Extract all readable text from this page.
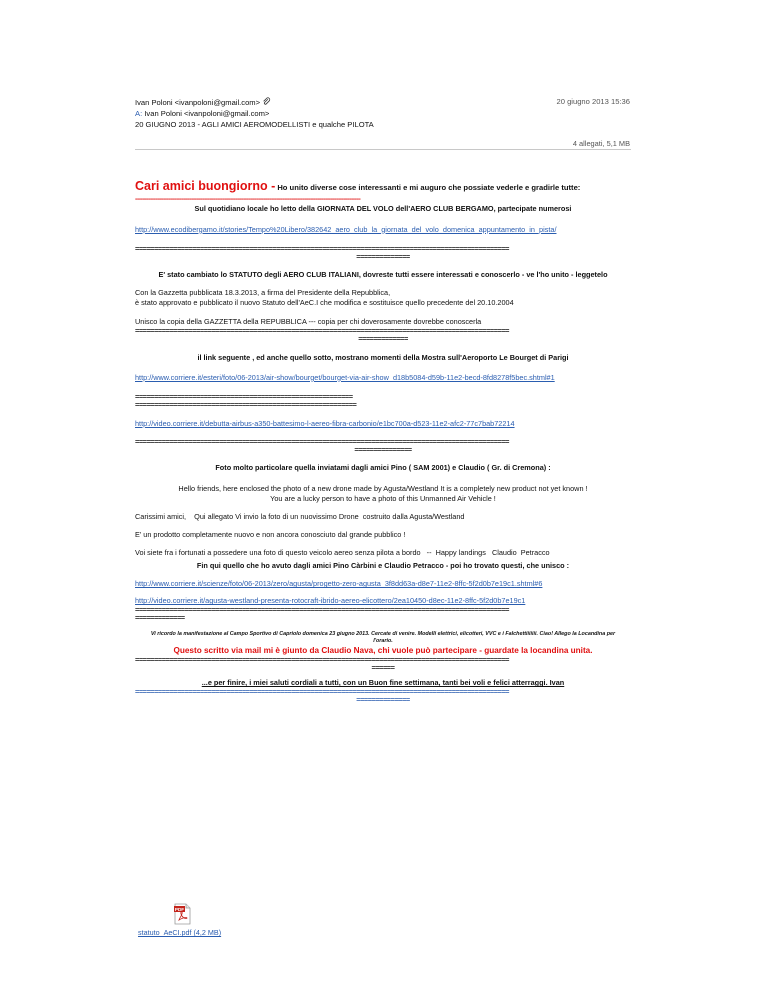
Ivan Poloni <ivanpoloni@gmail.com>
A: Ivan Poloni <ivanpoloni@gmail.com>
20 GIUGNO 2013 - AGLI AMICI AEROMODELLISTI e qualche PILOTA
20 giugno 2013 15:36
4 allegati, 5,1 MB

Cari amici buongiorno - Ho unito diverse cose interessanti e mi auguro che possiate vederle e gradirle tutte:

-------------------------------------------------------------------------------------------------------------------------

Sul quotidiano locale ho letto della GIORNATA DEL VOLO dell'AERO CLUB BERGAMO, partecipate numerosi

http://www.ecodibergamo.it/stories/Tempo%20Libero/382642_aero_club_la_giornata_del_volo_domenica_appuntamento_in_pista/

==================================================================================================
==============

E' stato cambiato lo STATUTO degli AERO CLUB ITALIANI, dovreste tutti essere interessati e conoscerlo - ve l'ho unito - leggetelo

Con la Gazzetta pubblicata 18.3.2013, a firma del Presidente della Repubblica,

è stato approvato e pubblicato il nuovo Statuto dell'AeC.I che modifica e sostituisce quello precedente del 20.10.2004

Unisco la copia della GAZZETTA della REPUBBLICA --- copia per chi doverosamente dovrebbe conoscerla

==================================================================================================
=============

il link seguente , ed anche quello sotto, mostrano momenti della Mostra sull'Aeroporto Le Bourget di Parigi

http://www.corriere.it/esteri/foto/06-2013/air-show/bourget/bourget-via-air-show_d18b5084-d59b-11e2-becd-8fd8278f5bec.shtml#1

=========================================================
==========================================================

http://video.corriere.it/debutta-airbus-a350-battesimo-l-aereo-fibra-carbonio/e1bc700a-d523-11e2-afc2-77c7bab72214

==================================================================================================
===============

Foto molto particolare quella inviatami dagli amici Pino ( SAM 2001) e Claudio ( Gr. di Cremona) :

Hello friends, here enclosed the photo of a new drone made by Agusta/Westland It is a completely new product not yet known !

You are a lucky person to have a photo of this Unmanned Air Vehicle !

Carissimi amici,    Qui allegato Vi invio la foto di un nuovissimo Drone  costruito dalla Agusta/Westland

E' un prodotto completamente nuovo e non ancora conosciuto dal grande pubblico !

Voi siete fra i fortunati a possedere una foto di questo veicolo aereo senza pilota a bordo   --  Happy landings   Claudio  Petracco

Fin qui quello che ho avuto dagli amici Pino Càrbini e Claudio Petracco - poi ho trovato questi, che unisco :

http://www.corriere.it/scienze/foto/06-2013/zero/agusta/progetto-zero-agusta_3f8dd63a-d8e7-11e2-8ffc-5f2d0b7e19c1.shtml#6

http://video.corriere.it/agusta-westland-presenta-rotocraft-ibrido-aereo-elicottero/2ea10450-d8ec-11e2-8ffc-5f2d0b7e19c1

==================================================================================================
=============

Vi ricordo la manifestazione al Campo Sportivo di Capriolo domenica 23 giugno 2013. Cercate di venire. Modelli elettrici, elicotteri, VVC e i Falchettiiiiiii. Ciao! Allego la Locandina per l'orario.

Questo scritto via mail mi è giunto da Claudio Nava, chi vuole può partecipare - guardate la locandina unita.

==================================================================================================
======

...e per finire, i miei saluti cordiali a tutti, con un Buon fine settimana, tanti bei voli e felici atterraggi. Ivan

==================================================================================================
==============
PDF
statuto_AeCI.pdf (4,2 MB)
